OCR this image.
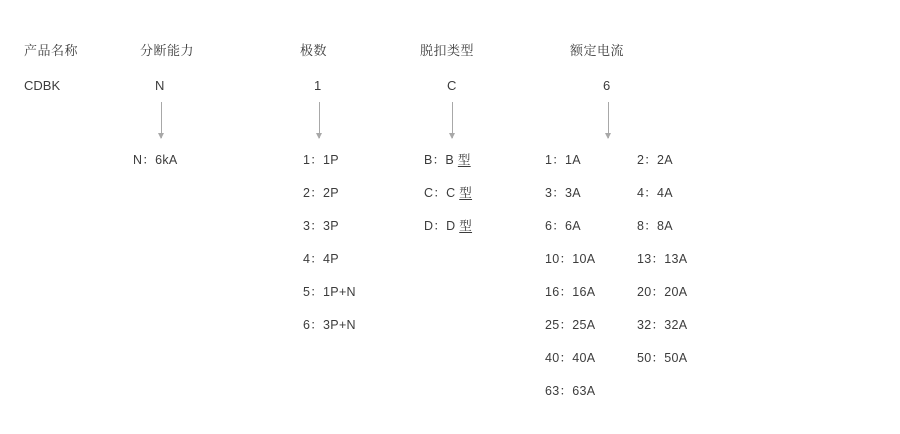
产品名称
CDBK
分断能力
N
N：6kA
极数
1
1：1P
2：2P
3：3P
4：4P
5：1P+N
6：3P+N
脱扣类型
C
B：B 型
C：C 型
D：D 型
额定电流
6
1：1A
3：3A
6：6A
10：10A
16：16A
25：25A
40：40A
63：63A
2：2A
4：4A
8：8A
13：13A
20：20A
32：32A
50：50A
